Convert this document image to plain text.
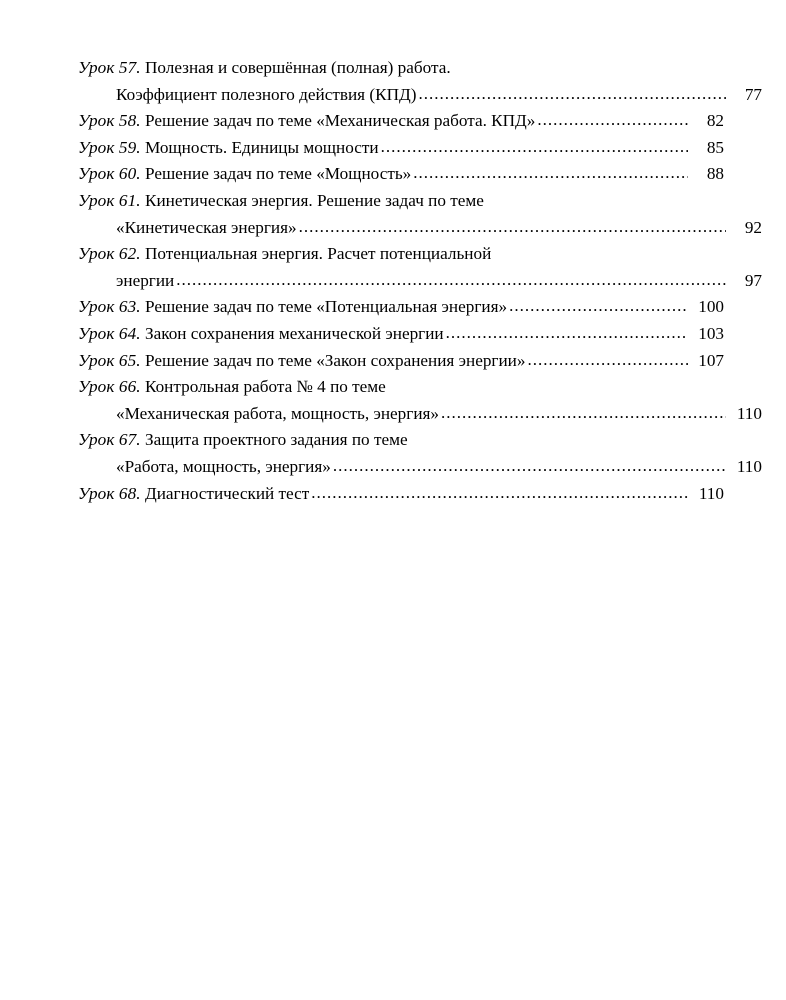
Урок 57.
Полезная и совершённая (полная) работа.
Коэффициент полезного действия (КПД) .....	77
Урок 58.
Решение задач по теме «Механическая работа. КПД» .....	82
Урок 59.
Мощность. Единицы мощности .....	85
Урок 60.
Решение задач по теме «Мощность» .....	88
Урок 61.
Кинетическая энергия. Решение задач по теме
«Кинетическая энергия» .....	92
Урок 62.
Потенциальная энергия. Расчет потенциальной
энергии .....	97
Урок 63.
Решение задач по теме «Потенциальная энергия» .....	100
Урок 64.
Закон сохранения механической энергии .....	103
Урок 65.
Решение задач по теме «Закон сохранения энергии» .....	107
Урок 66.
Контрольная работа № 4 по теме
«Механическая работа, мощность, энергия» .....	110
Урок 67.
Защита проектного задания по теме
«Работа, мощность, энергия» .....	110
Урок 68.
Диагностический тест .....	110
